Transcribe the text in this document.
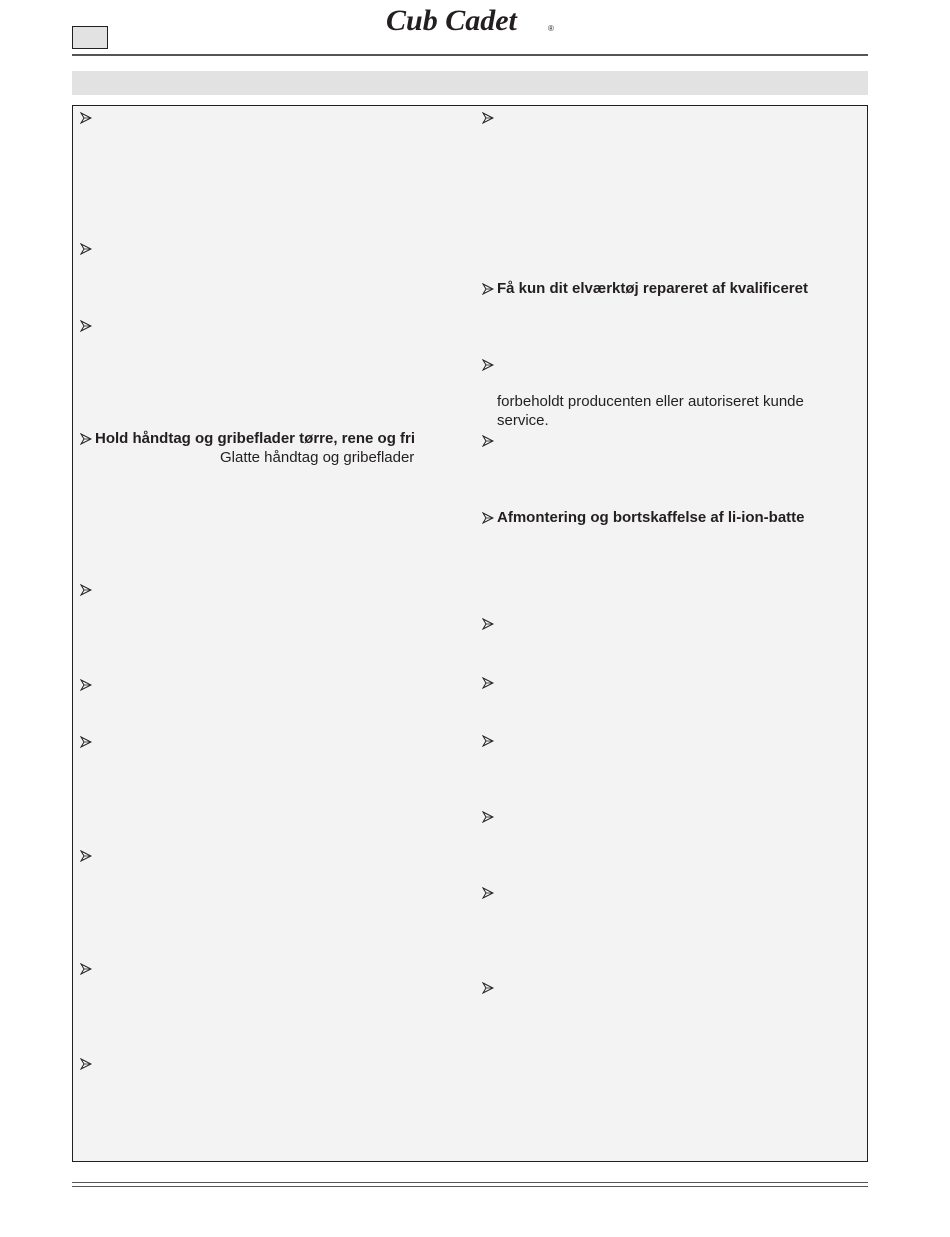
Cub Cadet	®
Hold håndtag og gribeflader tørre, rene og fri
Glatte håndtag og gribeflader
Få kun dit elværktøj repareret af kvalificeret
forbeholdt producenten eller autoriseret kunde
service.
Afmontering og bortskaffelse af li-ion-batte
